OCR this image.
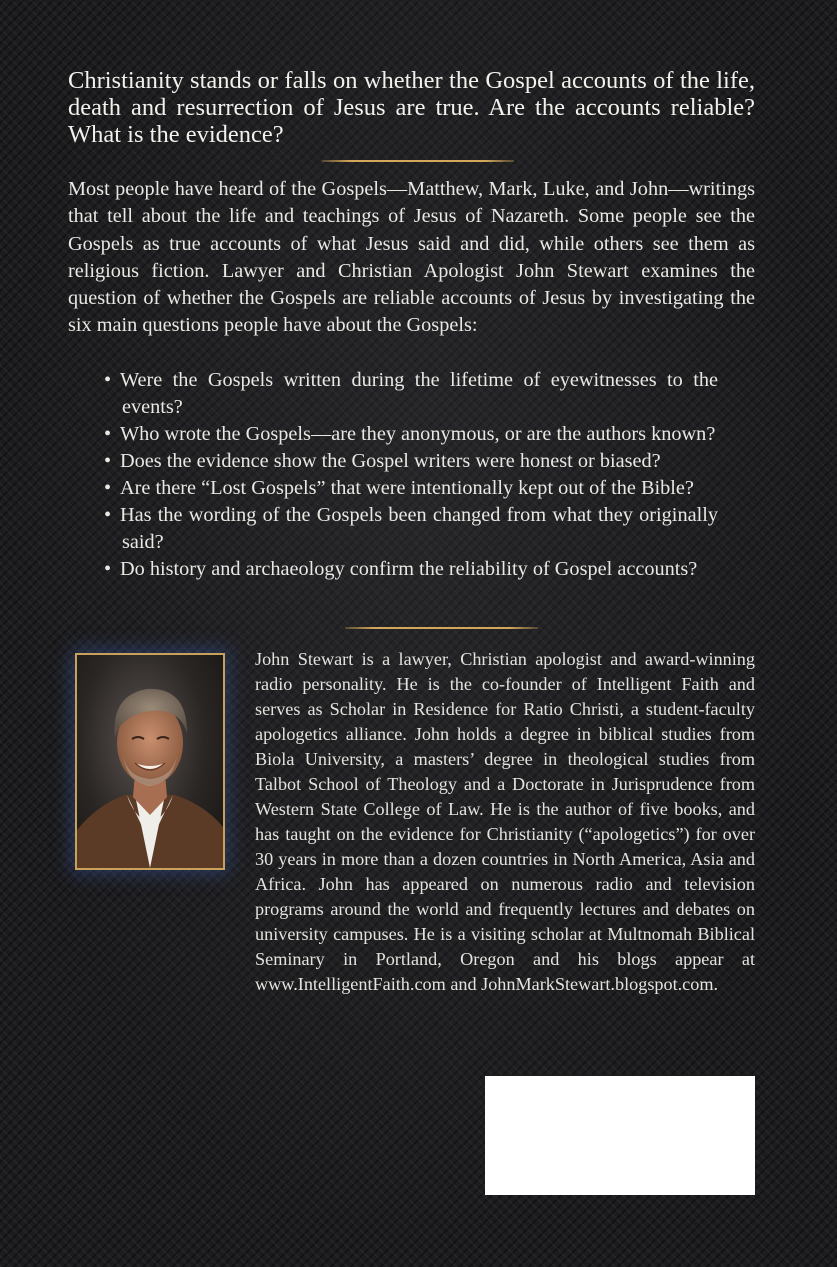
Christianity stands or falls on whether the Gospel accounts of the life, death and resurrection of Jesus are true. Are the accounts reliable? What is the evidence?

Most people have heard of the Gospels—Matthew, Mark, Luke, and John—writings that tell about the life and teachings of Jesus of Nazareth. Some people see the Gospels as true accounts of what Jesus said and did, while others see them as religious fiction. Lawyer and Christian Apologist John Stewart examines the question of whether the Gospels are reliable accounts of Jesus by investigating the six main questions people have about the Gospels:

• Were the Gospels written during the lifetime of eyewitnesses to the events?
• Who wrote the Gospels—are they anonymous, or are the authors known?
• Does the evidence show the Gospel writers were honest or biased?
• Are there “Lost Gospels” that were intentionally kept out of the Bible?
• Has the wording of the Gospels been changed from what they originally said?
• Do history and archaeology confirm the reliability of Gospel accounts?

John Stewart is a lawyer, Christian apologist and award-winning radio personality. He is the co-founder of Intelligent Faith and serves as Scholar in Residence for Ratio Christi, a student-faculty apologetics alliance. John holds a degree in biblical studies from Biola University, a masters’ degree in theological studies from Talbot School of Theology and a Doctorate in Jurisprudence from Western State College of Law. He is the author of five books, and has taught on the evidence for Christianity (“apologetics”) for over 30 years in more than a dozen countries in North America, Asia and Africa. John has appeared on numerous radio and television programs around the world and frequently lectures and debates on university campuses. He is a visiting scholar at Multnomah Biblical Seminary in Portland, Oregon and his blogs appear at www.IntelligentFaith.com and JohnMarkStewart.blogspot.com.
